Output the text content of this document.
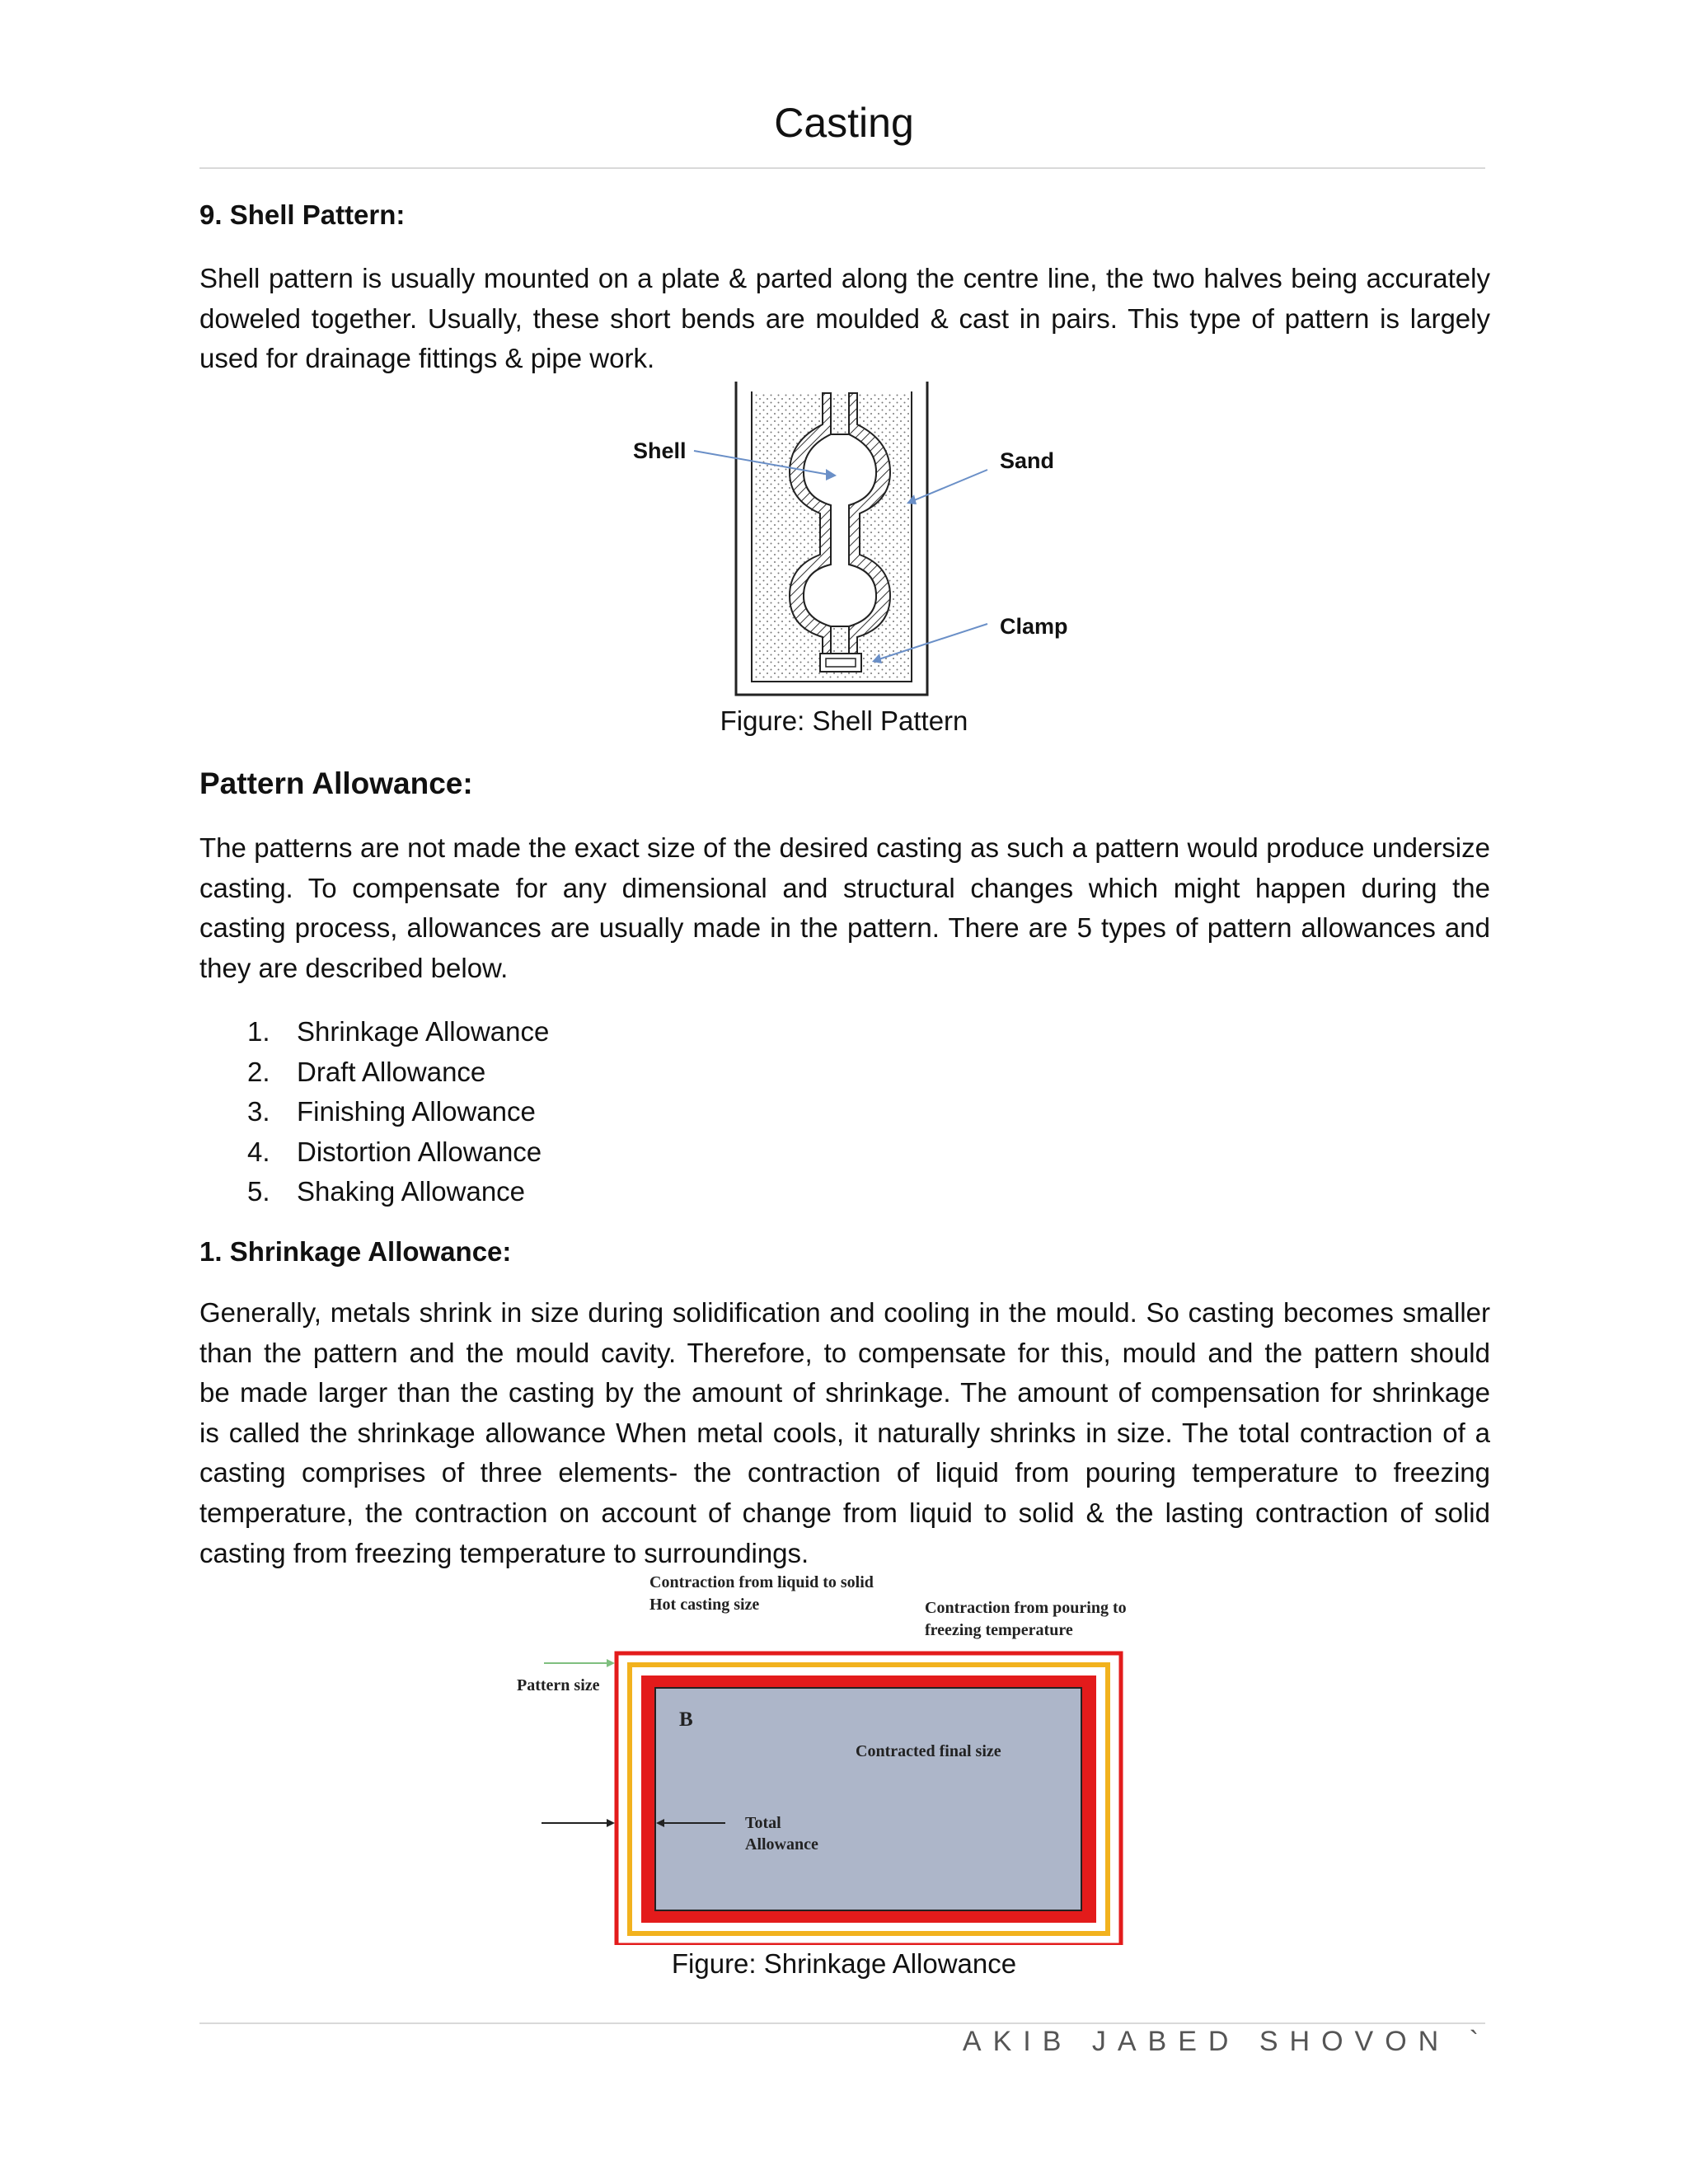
Casting
9. Shell Pattern:

Shell pattern is usually mounted on a plate & parted along the centre line, the two halves being accurately
doweled together. Usually, these short bends are moulded & cast in pairs. This type of pattern is largely
used for drainage fittings & pipe work.

Shell	Sand
Clamp
Figure: Shell Pattern
Pattern Allowance:

The patterns are not made the exact size of the desired casting as such a pattern would produce undersize
casting. To compensate for any dimensional and structural changes which might happen during the
casting process, allowances are usually made in the pattern. There are 5 types of pattern allowances and
they are described below.

1. Shrinkage Allowance
2. Draft Allowance
3. Finishing Allowance
4. Distortion Allowance
5. Shaking Allowance
1. Shrinkage Allowance:

Generally, metals shrink in size during solidification and cooling in the mould. So casting becomes smaller
than the pattern and the mould cavity. Therefore, to compensate for this, mould and the pattern should
be made larger than the casting by the amount of shrinkage. The amount of compensation for shrinkage
is called the shrinkage allowance When metal cools, it naturally shrinks in size. The total contraction of a
casting comprises of three elements- the contraction of liquid from pouring temperature to freezing
temperature, the contraction on account of change from liquid to solid & the lasting contraction of solid
casting from freezing temperature to surroundings.

Contraction from liquid to solid
Hot casting size	Contraction from pouring to
freezing temperature
Pattern size
B
Contracted final size
Total
Allowance
Figure: Shrinkage Allowance
AKIB JABED SHOVON `
